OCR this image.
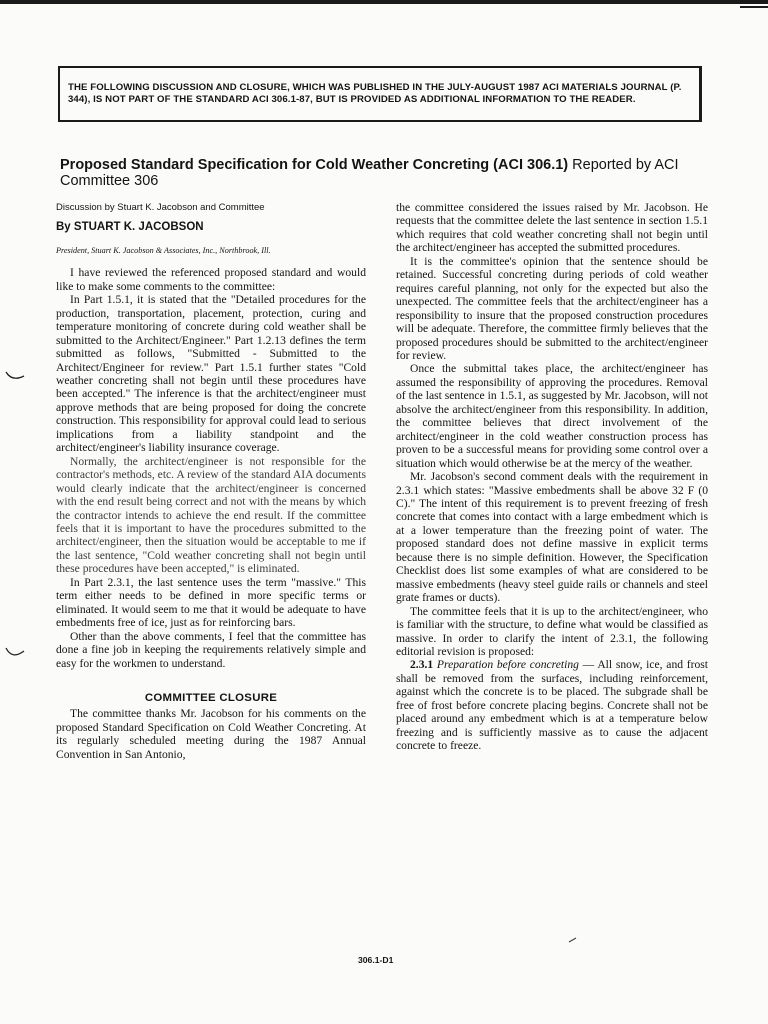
THE FOLLOWING DISCUSSION AND CLOSURE, WHICH WAS PUBLISHED IN THE JULY-AUGUST 1987 ACI MATERIALS JOURNAL (P. 344), IS NOT PART OF THE STANDARD ACI 306.1-87, BUT IS PROVIDED AS ADDITIONAL INFORMATION TO THE READER.
Proposed Standard Specification for Cold Weather Concreting (ACI 306.1) Reported by ACI Committee 306

Discussion by Stuart K. Jacobson and Committee

By STUART K. JACOBSON

President, Stuart K. Jacobson & Associates, Inc., Northbrook, Ill.

I have reviewed the referenced proposed standard and would like to make some comments to the committee:

In Part 1.5.1, it is stated that the "Detailed procedures for the production, transportation, placement, protection, curing and temperature monitoring of concrete during cold weather shall be submitted to the Architect/Engineer." Part 1.2.13 defines the term submitted as follows, "Submitted - Submitted to the Architect/Engineer for review." Part 1.5.1 further states "Cold weather concreting shall not begin until these procedures have been accepted." The inference is that the architect/engineer must approve methods that are being proposed for doing the concrete construction. This responsibility for approval could lead to serious implications from a liability standpoint and the architect/engineer's liability insurance coverage.

Normally, the architect/engineer is not responsible for the contractor's methods, etc. A review of the standard AIA documents would clearly indicate that the architect/engineer is concerned with the end result being correct and not with the means by which the contractor intends to achieve the end result. If the committee feels that it is important to have the procedures submitted to the architect/engineer, then the situation would be acceptable to me if the last sentence, "Cold weather concreting shall not begin until these procedures have been accepted," is eliminated.

In Part 2.3.1, the last sentence uses the term "massive." This term either needs to be defined in more specific terms or eliminated. It would seem to me that it would be adequate to have embedments free of ice, just as for reinforcing bars.

Other than the above comments, I feel that the committee has done a fine job in keeping the requirements relatively simple and easy for the workmen to understand.

COMMITTEE CLOSURE

The committee thanks Mr. Jacobson for his comments on the proposed Standard Specification on Cold Weather Concreting. At its regularly scheduled meeting during the 1987 Annual Convention in San Antonio,

the committee considered the issues raised by Mr. Jacobson. He requests that the committee delete the last sentence in section 1.5.1 which requires that cold weather concreting shall not begin until the architect/engineer has accepted the submitted procedures.

It is the committee's opinion that the sentence should be retained. Successful concreting during periods of cold weather requires careful planning, not only for the expected but also the unexpected. The committee feels that the architect/engineer has a responsibility to insure that the proposed construction procedures will be adequate. Therefore, the committee firmly believes that the proposed procedures should be submitted to the architect/engineer for review.

Once the submittal takes place, the architect/engineer has assumed the responsibility of approving the procedures. Removal of the last sentence in 1.5.1, as suggested by Mr. Jacobson, will not absolve the architect/engineer from this responsibility. In addition, the committee believes that direct involvement of the architect/engineer in the cold weather construction process has proven to be a successful means for providing some control over a situation which would otherwise be at the mercy of the weather.

Mr. Jacobson's second comment deals with the requirement in 2.3.1 which states: "Massive embedments shall be above 32 F (0 C)." The intent of this requirement is to prevent freezing of fresh concrete that comes into contact with a large embedment which is at a lower temperature than the freezing point of water. The proposed standard does not define massive in explicit terms because there is no simple definition. However, the Specification Checklist does list some examples of what are considered to be massive embedments (heavy steel guide rails or channels and steel grate frames or ducts).

The committee feels that it is up to the architect/engineer, who is familiar with the structure, to define what would be classified as massive. In order to clarify the intent of 2.3.1, the following editorial revision is proposed:

2.3.1 Preparation before concreting — All snow, ice, and frost shall be removed from the surfaces, including reinforcement, against which the concrete is to be placed. The subgrade shall be free of frost before concrete placing begins. Concrete shall not be placed around any embedment which is at a temperature below freezing and is sufficiently massive as to cause the adjacent concrete to freeze.

306.1-D1
